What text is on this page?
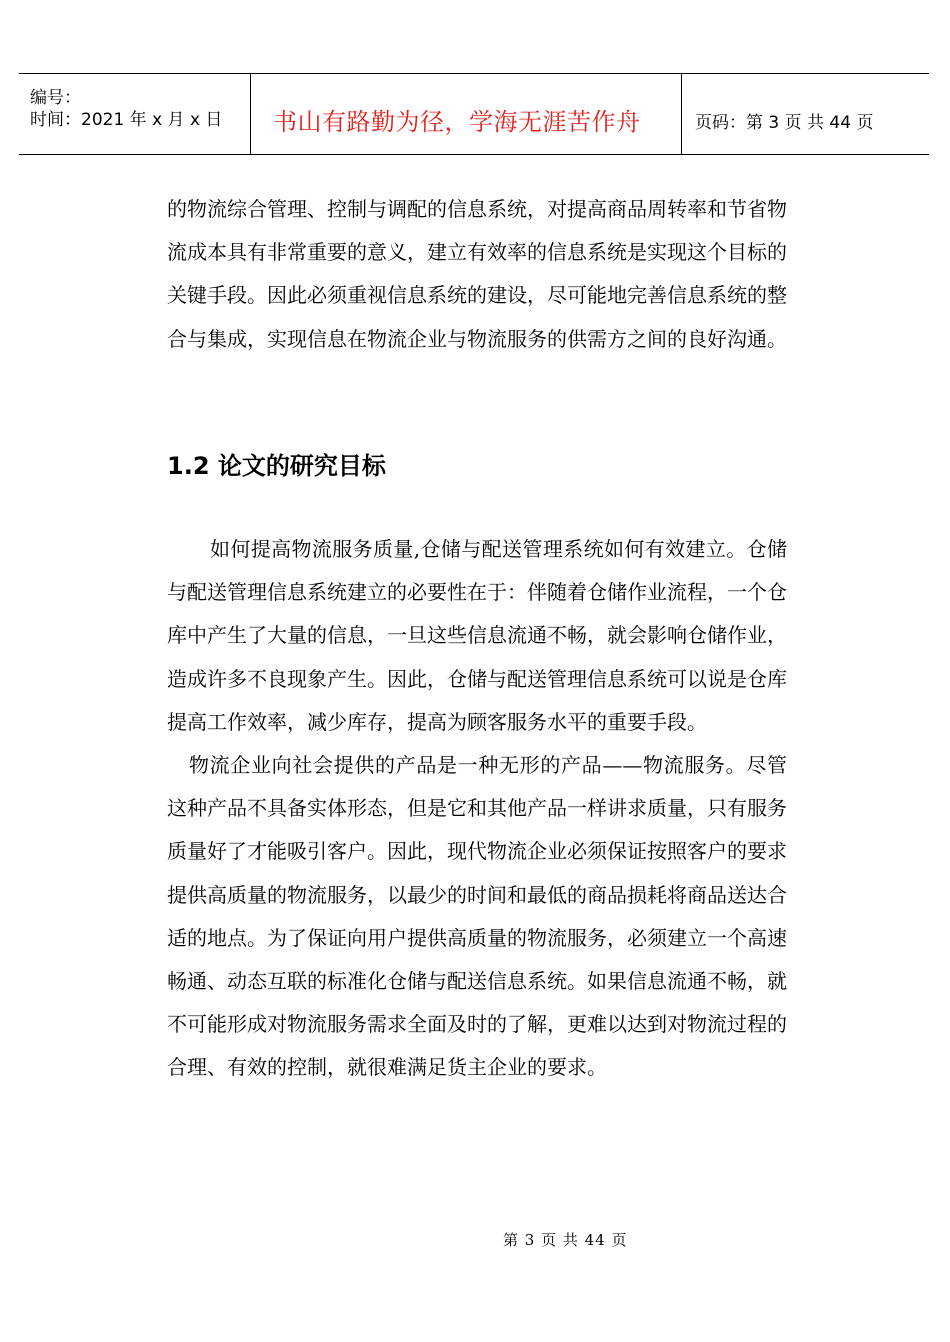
编号：
时间：2021 年 x 月 x 日 书山有路勤为径，学海无涯苦作舟	页码：第 3 页 共 44 页

的物流综合管理、控制与调配的信息系统，对提高商品周转率和节省物流成本具有非常重要的意义，建立有效率的信息系统是实现这个目标的关键手段。因此必须重视信息系统的建设，尽可能地完善信息系统的整合与集成，实现信息在物流企业与物流服务的供需方之间的良好沟通。

1.2 论文的研究目标

如何提高物流服务质量,仓储与配送管理系统如何有效建立。仓储与配送管理信息系统建立的必要性在于：伴随着仓储作业流程，一个仓库中产生了大量的信息，一旦这些信息流通不畅，就会影响仓储作业，造成许多不良现象产生。因此，仓储与配送管理信息系统可以说是仓库提高工作效率，减少库存，提高为顾客服务水平的重要手段。

物流企业向社会提供的产品是一种无形的产品——物流服务。尽管这种产品不具备实体形态，但是它和其他产品一样讲求质量，只有服务质量好了才能吸引客户。因此，现代物流企业必须保证按照客户的要求提供高质量的物流服务，以最少的时间和最低的商品损耗将商品送达合适的地点。为了保证向用户提供高质量的物流服务，必须建立一个高速畅通、动态互联的标准化仓储与配送信息系统。如果信息流通不畅，就不可能形成对物流服务需求全面及时的了解，更难以达到对物流过程的合理、有效的控制，就很难满足货主企业的要求。

第 3 页 共 44 页
